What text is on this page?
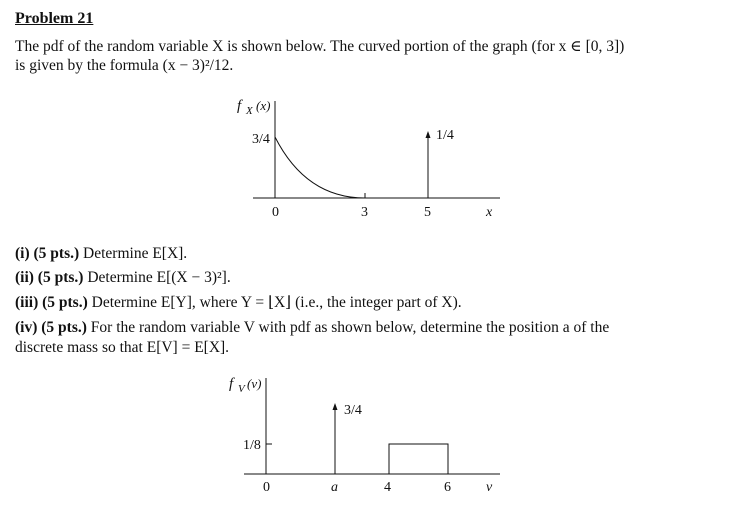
Problem 21
The pdf of the random variable X is shown below. The curved portion of the graph (for x ∈ [0, 3])
is given by the formula (x − 3)²/12.
f X (x)
3/4	1/4
0	3	5	x
(i) (5 pts.) Determine E[X].
(ii) (5 pts.) Determine E[(X − 3)²].
(iii) (5 pts.) Determine E[Y], where Y = ⌊X⌋ (i.e., the integer part of X).
(iv) (5 pts.) For the random variable V with pdf as shown below, determine the position a of the
discrete mass so that E[V] = E[X].
f V (v)
1/8
3/4
0	a	4	6	v
